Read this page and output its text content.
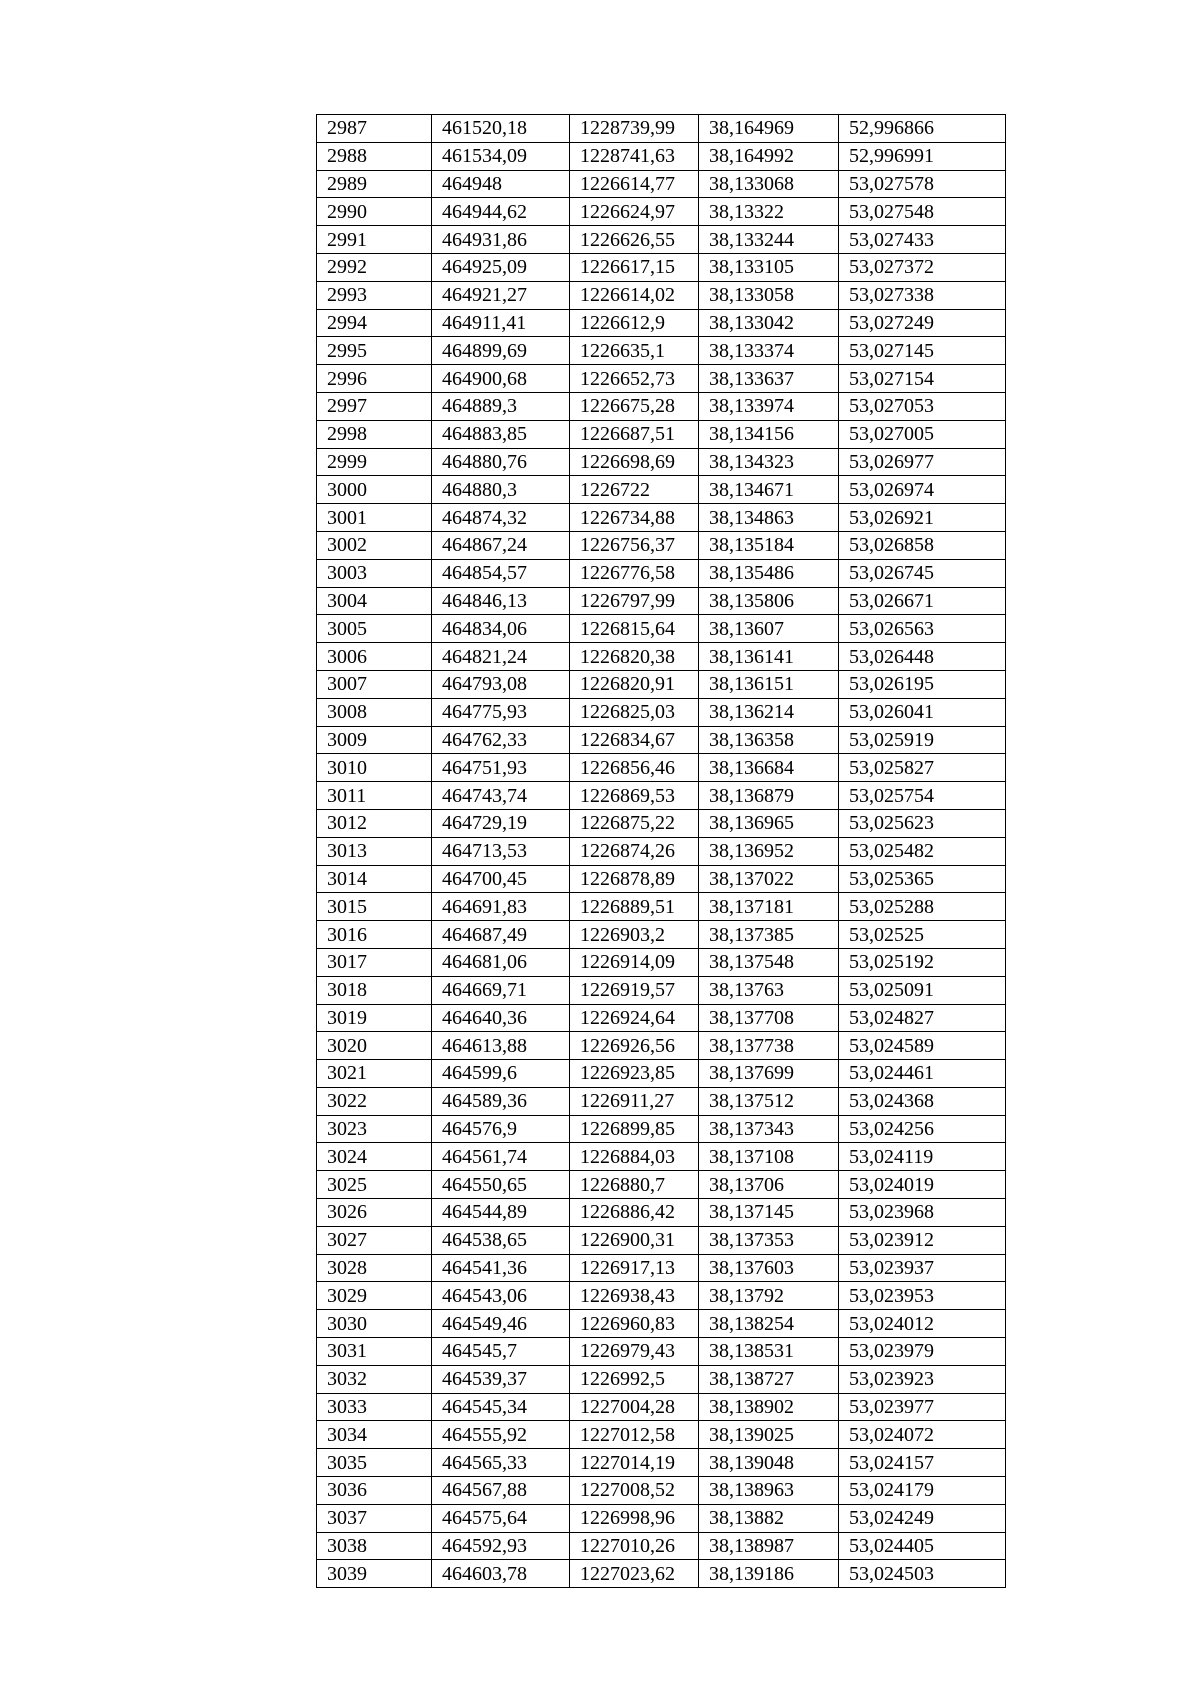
2987	461520,18	1228739,99	38,164969	52,996866
2988	461534,09	1228741,63	38,164992	52,996991
2989	464948	1226614,77	38,133068	53,027578
2990	464944,62	1226624,97	38,13322	53,027548
2991	464931,86	1226626,55	38,133244	53,027433
2992	464925,09	1226617,15	38,133105	53,027372
2993	464921,27	1226614,02	38,133058	53,027338
2994	464911,41	1226612,9	38,133042	53,027249
2995	464899,69	1226635,1	38,133374	53,027145
2996	464900,68	1226652,73	38,133637	53,027154
2997	464889,3	1226675,28	38,133974	53,027053
2998	464883,85	1226687,51	38,134156	53,027005
2999	464880,76	1226698,69	38,134323	53,026977
3000	464880,3	1226722	38,134671	53,026974
3001	464874,32	1226734,88	38,134863	53,026921
3002	464867,24	1226756,37	38,135184	53,026858
3003	464854,57	1226776,58	38,135486	53,026745
3004	464846,13	1226797,99	38,135806	53,026671
3005	464834,06	1226815,64	38,13607	53,026563
3006	464821,24	1226820,38	38,136141	53,026448
3007	464793,08	1226820,91	38,136151	53,026195
3008	464775,93	1226825,03	38,136214	53,026041
3009	464762,33	1226834,67	38,136358	53,025919
3010	464751,93	1226856,46	38,136684	53,025827
3011	464743,74	1226869,53	38,136879	53,025754
3012	464729,19	1226875,22	38,136965	53,025623
3013	464713,53	1226874,26	38,136952	53,025482
3014	464700,45	1226878,89	38,137022	53,025365
3015	464691,83	1226889,51	38,137181	53,025288
3016	464687,49	1226903,2	38,137385	53,02525
3017	464681,06	1226914,09	38,137548	53,025192
3018	464669,71	1226919,57	38,13763	53,025091
3019	464640,36	1226924,64	38,137708	53,024827
3020	464613,88	1226926,56	38,137738	53,024589
3021	464599,6	1226923,85	38,137699	53,024461
3022	464589,36	1226911,27	38,137512	53,024368
3023	464576,9	1226899,85	38,137343	53,024256
3024	464561,74	1226884,03	38,137108	53,024119
3025	464550,65	1226880,7	38,13706	53,024019
3026	464544,89	1226886,42	38,137145	53,023968
3027	464538,65	1226900,31	38,137353	53,023912
3028	464541,36	1226917,13	38,137603	53,023937
3029	464543,06	1226938,43	38,13792	53,023953
3030	464549,46	1226960,83	38,138254	53,024012
3031	464545,7	1226979,43	38,138531	53,023979
3032	464539,37	1226992,5	38,138727	53,023923
3033	464545,34	1227004,28	38,138902	53,023977
3034	464555,92	1227012,58	38,139025	53,024072
3035	464565,33	1227014,19	38,139048	53,024157
3036	464567,88	1227008,52	38,138963	53,024179
3037	464575,64	1226998,96	38,13882	53,024249
3038	464592,93	1227010,26	38,138987	53,024405
3039	464603,78	1227023,62	38,139186	53,024503
